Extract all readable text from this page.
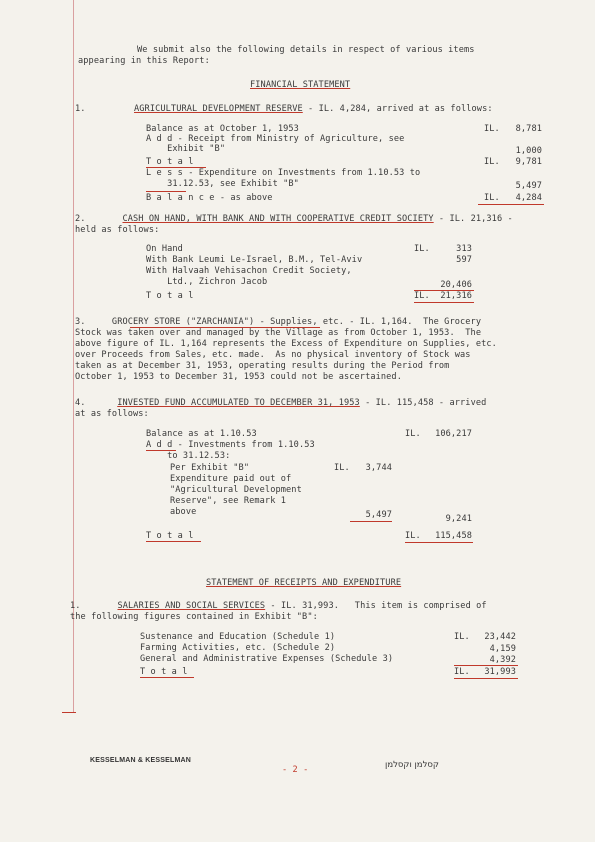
We submit also the following details in respect of various items
appearing in this Report:
FINANCIAL STATEMENT
1.	AGRICULTURAL DEVELOPMENT RESERVE - IL. 4,284, arrived at as follows:
Balance as at October 1, 1953	IL.	8,781
A d d - Receipt from Ministry of Agriculture, see
Exhibit "B"	1,000
T o t a l	IL.	9,781
L e s s - Expenditure on Investments from 1.10.53 to
31.12.53, see Exhibit "B"	5,497
B a l a n c e - as above	IL.	4,284
2.	CASH ON HAND, WITH BANK AND WITH COOPERATIVE CREDIT SOCIETY - IL. 21,316 -
held as follows:
On Hand	IL.	313
With Bank Leumi Le-Israel, B.M., Tel-Aviv	597
With Halvaah Vehisachon Credit Society,
Ltd., Zichron Jacob	20,406
T o t a l	IL.	21,316
3.     GROCERY STORE ("ZARCHANIA") - Supplies, etc. - IL. 1,164.  The Grocery
Stock was taken over and managed by the Village as from October 1, 1953.  The
above figure of IL. 1,164 represents the Excess of Expenditure on Supplies, etc.
over Proceeds from Sales, etc. made.  As no physical inventory of Stock was
taken as at December 31, 1953, operating results during the Period from
October 1, 1953 to December 31, 1953 could not be ascertained.
4.	INVESTED FUND ACCUMULATED TO DECEMBER 31, 1953 - IL. 115,458 - arrived
at as follows:
Balance as at 1.10.53	IL.	106,217
A d d - Investments from 1.10.53
to 31.12.53:
Per Exhibit "B"	IL.	3,744
Expenditure paid out of
"Agricultural Development
Reserve", see Remark 1
above	5,497	9,241
T o t a l	IL.	115,458
STATEMENT OF RECEIPTS AND EXPENDITURE
1.	SALARIES AND SOCIAL SERVICES - IL. 31,993.   This item is comprised of
the following figures contained in Exhibit "B":
Sustenance and Education (Schedule 1)	IL.	23,442
Farming Activities, etc. (Schedule 2)	4,159
General and Administrative Expenses (Schedule 3)	4,392
T o t a l	IL.	31,993
KESSELMAN & KESSELMAN
- 2 -	קסלמן וקסלמן
